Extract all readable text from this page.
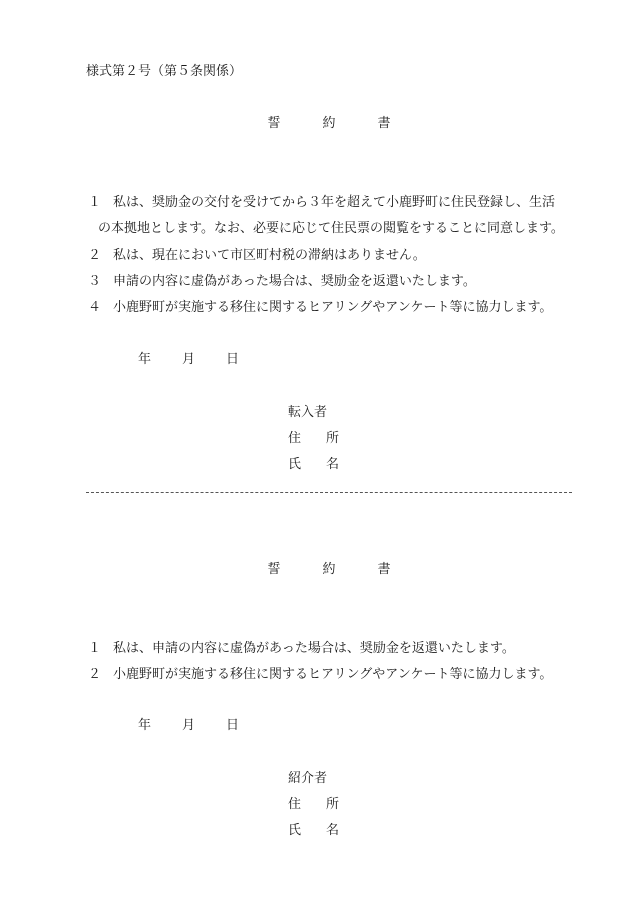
様式第２号（第５条関係）
誓	約	書
１ 私は、奨励金の交付を受けてから３年を超えて小鹿野町に住民登録し、生活
の本拠地とします。なお、必要に応じて住民票の閲覧をすることに同意します。
２ 私は、現在において市区町村税の滞納はありません。
３ 申請の内容に虚偽があった場合は、奨励金を返還いたします。
４ 小鹿野町が実施する移住に関するヒアリングやアンケート等に協力します。
年 月 日
転入者
住 所
氏 名
誓	約	書
１ 私は、申請の内容に虚偽があった場合は、奨励金を返還いたします。
２ 小鹿野町が実施する移住に関するヒアリングやアンケート等に協力します。
年 月 日
紹介者
住 所
氏 名
